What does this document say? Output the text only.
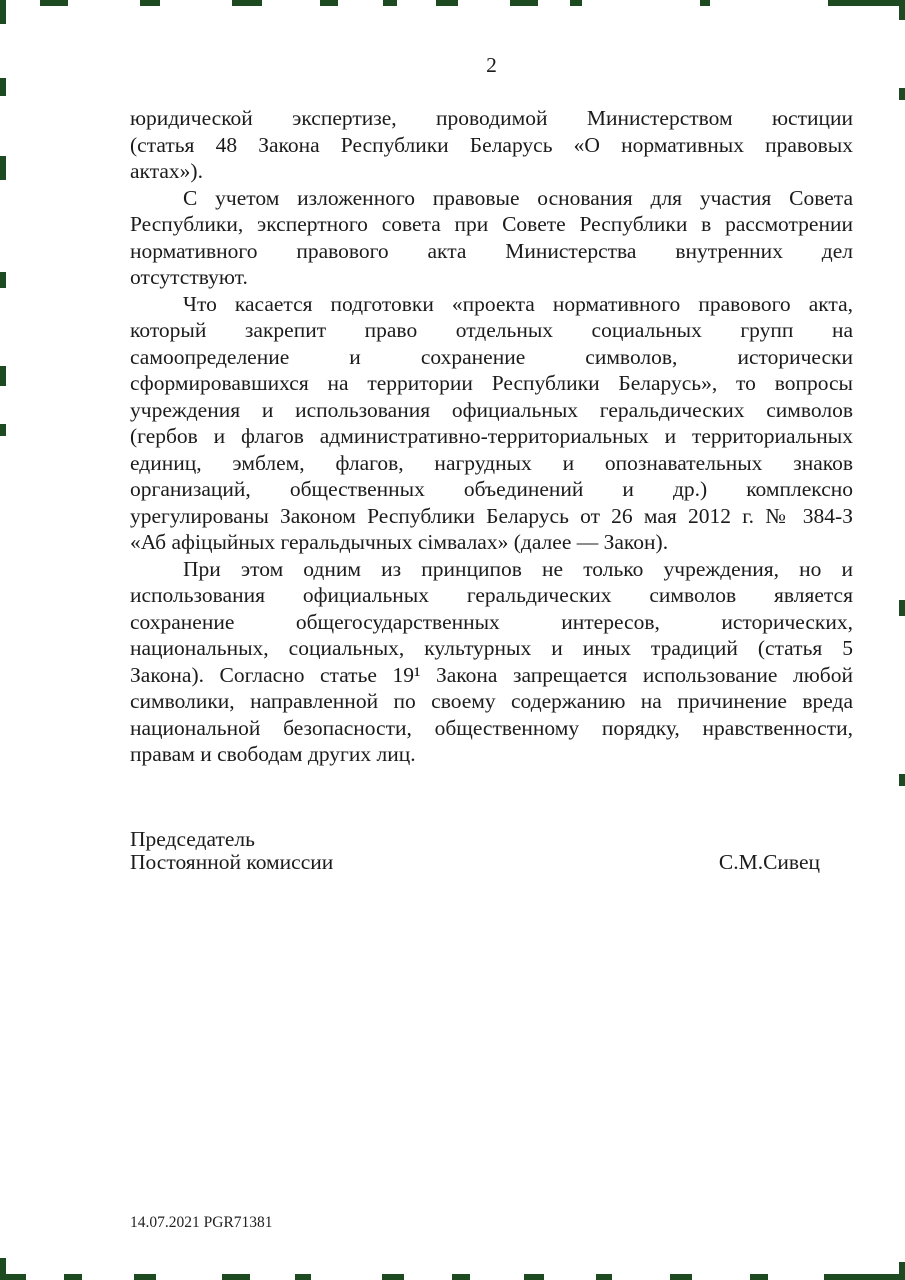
2
юридической экспертизе, проводимой Министерством юстиции
(статья 48 Закона Республики Беларусь «О нормативных правовых
актах»).
С учетом изложенного правовые основания для участия Совета
Республики, экспертного совета при Совете Республики в рассмотрении
нормативного правового акта Министерства внутренних дел
отсутствуют.
Что касается подготовки «проекта нормативного правового акта,
который закрепит право отдельных социальных групп на
самоопределение и сохранение символов, исторически
сформировавшихся на территории Республики Беларусь», то вопросы
учреждения и использования официальных геральдических символов
(гербов и флагов административно-территориальных и территориальных
единиц, эмблем, флагов, нагрудных и опознавательных знаков
организаций, общественных объединений и др.) комплексно
урегулированы Законом Республики Беларусь от 26 мая 2012 г. № 384-З
«Аб афіцыйных геральдычных сімвалах» (далее — Закон).
При этом одним из принципов не только учреждения, но и
использования официальных геральдических символов является
сохранение общегосударственных интересов, исторических,
национальных, социальных, культурных и иных традиций (статья 5
Закона). Согласно статье 19¹ Закона запрещается использование любой
символики, направленной по своему содержанию на причинение вреда
национальной безопасности, общественному порядку, нравственности,
правам и свободам других лиц.
Председатель
Постоянной комиссии	С.М.Сивец
14.07.2021 PGR71381
